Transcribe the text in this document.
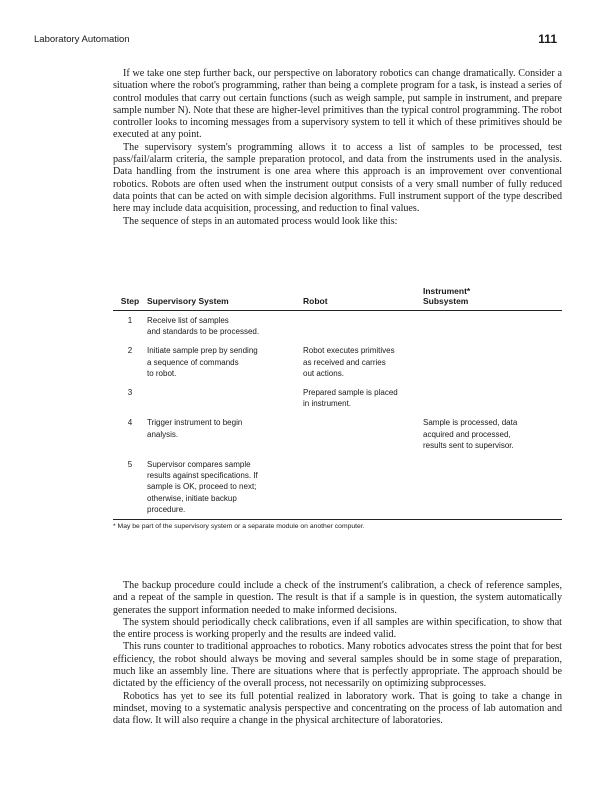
Laboratory Automation	111

If we take one step further back, our perspective on laboratory robotics can change dramatically. Consider a situation where the robot's programming, rather than being a complete program for a task, is instead a series of control modules that carry out certain functions (such as weigh sample, put sample in instrument, and prepare sample number N). Note that these are higher-level primitives than the typical control programming. The robot controller looks to incoming messages from a supervisory system to tell it which of these primitives should be executed at any point.

The supervisory system's programming allows it to access a list of samples to be processed, test pass/fail/alarm criteria, the sample preparation protocol, and data from the instruments used in the analysis. Data handling from the instrument is one area where this approach is an improvement over conventional robotics. Robots are often used when the instrument output consists of a very small number of fully reduced data points that can be acted on with simple decision algorithms. Full instrument support of the type described here may include data acquisition, processing, and reduction to final values.

The sequence of steps in an automated process would look like this:

Step	Supervisory System	Robot	Instrument*
Subsystem

1	Receive list of samples
and standards to be processed.		

2	Initiate sample prep by sending
a sequence of commands
to robot.	Robot executes primitives
as received and carries
out actions.	

3		Prepared sample is placed
in instrument.	

4	Trigger instrument to begin
analysis.		Sample is processed, data
acquired and processed,
results sent to supervisor.

5	Supervisor compares sample
results against specifications. If
sample is OK, proceed to next;
otherwise, initiate backup
procedure.		

* May be part of the supervisory system or a separate module on another computer.

The backup procedure could include a check of the instrument's calibration, a check of reference samples, and a repeat of the sample in question. The result is that if a sample is in question, the system automatically generates the support information needed to make informed decisions.

The system should periodically check calibrations, even if all samples are within specification, to show that the entire process is working properly and the results are indeed valid.

This runs counter to traditional approaches to robotics. Many robotics advocates stress the point that for best efficiency, the robot should always be moving and several samples should be in some stage of preparation, much like an assembly line. There are situations where that is perfectly appropriate. The approach should be dictated by the efficiency of the overall process, not necessarily on optimizing subprocesses.

Robotics has yet to see its full potential realized in laboratory work. That is going to take a change in mindset, moving to a systematic analysis perspective and concentrating on the process of lab automation and data flow. It will also require a change in the physical architecture of laboratories.
